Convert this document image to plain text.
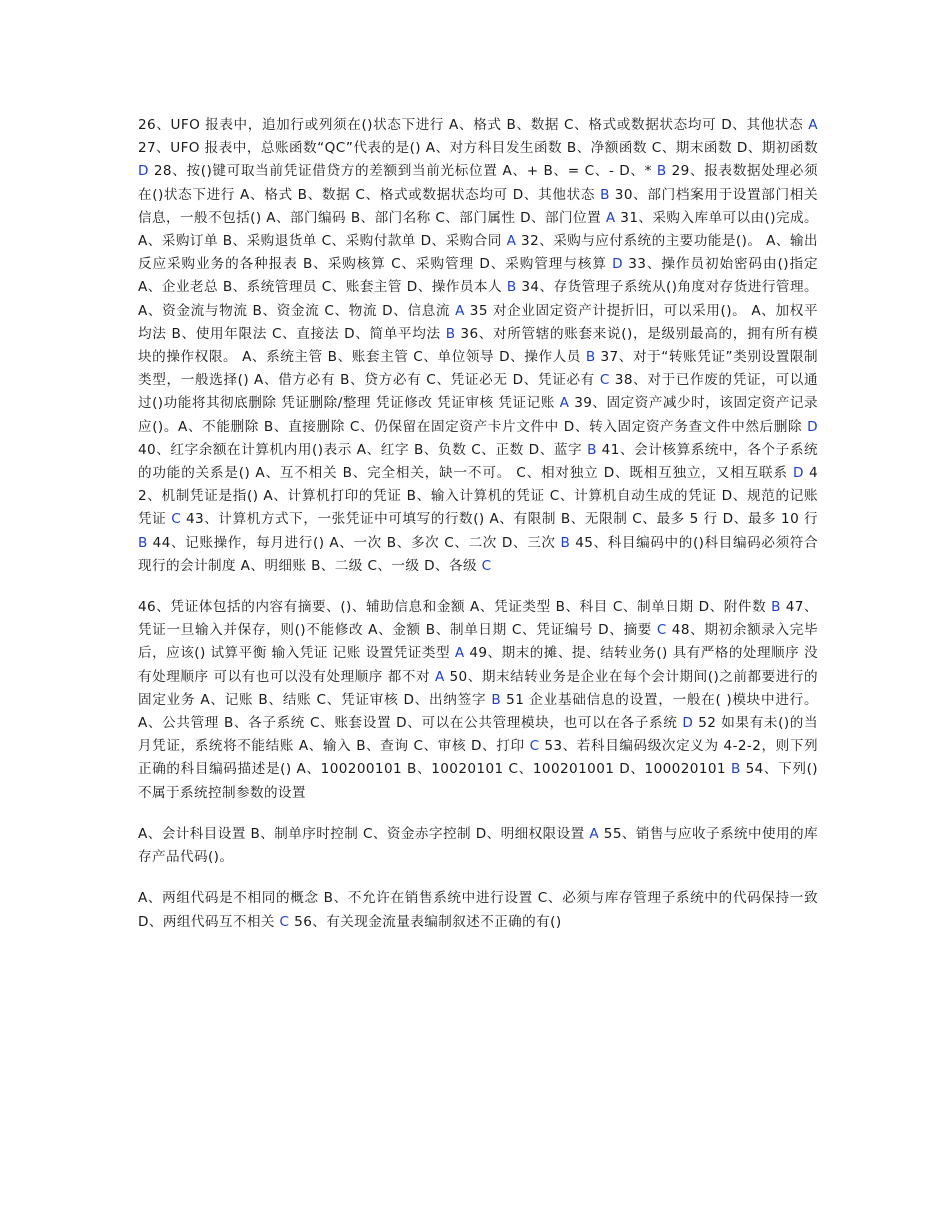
26、UFO 报表中，追加行或列须在()状态下进行 A、格式 B、数据 C、格式或数据状态均可 D、其他状态 A 27、UFO 报表中，总账函数“QC”代表的是() A、对方科目发生函数 B、净额函数 C、期末函数 D、期初函数 D 28、按()键可取当前凭证借贷方的差额到当前光标位置 A、+ B、= C、- D、* B 29、报表数据处理必须在()状态下进行 A、格式 B、数据 C、格式或数据状态均可 D、其他状态 B 30、部门档案用于设置部门相关信息，一般不包括() A、部门编码 B、部门名称 C、部门属性 D、部门位置 A 31、采购入库单可以由()完成。 A、采购订单 B、采购退货单 C、采购付款单 D、采购合同 A 32、采购与应付系统的主要功能是()。 A、输出反应采购业务的各种报表 B、采购核算 C、采购管理 D、采购管理与核算 D 33、操作员初始密码由()指定 A、企业老总 B、系统管理员 C、账套主管 D、操作员本人 B 34、存货管理子系统从()角度对存货进行管理。 A、资金流与物流 B、资金流 C、物流 D、信息流 A 35 对企业固定资产计提折旧，可以采用()。 A、加权平均法 B、使用年限法 C、直接法 D、简单平均法 B 36、对所管辖的账套来说()，是级别最高的，拥有所有模块的操作权限。 A、系统主管 B、账套主管 C、单位领导 D、操作人员 B 37、对于“转账凭证”类别设置限制类型，一般选择() A、借方必有 B、贷方必有 C、凭证必无 D、凭证必有 C 38、对于已作废的凭证，可以通过()功能将其彻底删除 凭证删除/整理 凭证修改 凭证审核 凭证记账 A 39、固定资产减少时，该固定资产记录应()。A、不能删除 B、直接删除 C、仍保留在固定资产卡片文件中 D、转入固定资产务查文件中然后删除 D 40、红字余额在计算机内用()表示 A、红字 B、负数 C、正数 D、蓝字 B 41、会计核算系统中，各个子系统的功能的关系是() A、互不相关 B、完全相关，缺一不可。 C、相对独立 D、既相互独立，又相互联系 D 42、机制凭证是指() A、计算机打印的凭证 B、输入计算机的凭证 C、计算机自动生成的凭证 D、规范的记账凭证 C 43、计算机方式下，一张凭证中可填写的行数() A、有限制 B、无限制 C、最多 5 行 D、最多 10 行 B 44、记账操作，每月进行() A、一次 B、多次 C、二次 D、三次 B 45、科目编码中的()科目编码必须符合现行的会计制度 A、明细账 B、二级 C、一级 D、各级 C

46、凭证体包括的内容有摘要、()、辅助信息和金额 A、凭证类型 B、科目 C、制单日期 D、附件数 B 47、凭证一旦输入并保存，则()不能修改 A、金额 B、制单日期 C、凭证编号 D、摘要 C 48、期初余额录入完毕后，应该() 试算平衡 输入凭证 记账 设置凭证类型 A 49、期末的摊、提、结转业务() 具有严格的处理顺序 没有处理顺序 可以有也可以没有处理顺序 都不对 A 50、期末结转业务是企业在每个会计期间()之前都要进行的固定业务 A、记账 B、结账 C、凭证审核 D、出纳签字 B 51 企业基础信息的设置，一般在( )模块中进行。 A、公共管理 B、各子系统 C、账套设置 D、可以在公共管理模块，也可以在各子系统 D 52 如果有未()的当月凭证，系统将不能结账 A、输入 B、查询 C、审核 D、打印 C 53、若科目编码级次定义为 4-2-2，则下列正确的科目编码描述是() A、100200101 B、10020101 C、100201001 D、100020101 B 54、下列()不属于系统控制参数的设置

A、会计科目设置 B、制单序时控制 C、资金赤字控制 D、明细权限设置 A 55、销售与应收子系统中使用的库存产品代码()。

A、两组代码是不相同的概念 B、不允许在销售系统中进行设置 C、必须与库存管理子系统中的代码保持一致 D、两组代码互不相关 C 56、有关现金流量表编制叙述不正确的有()
